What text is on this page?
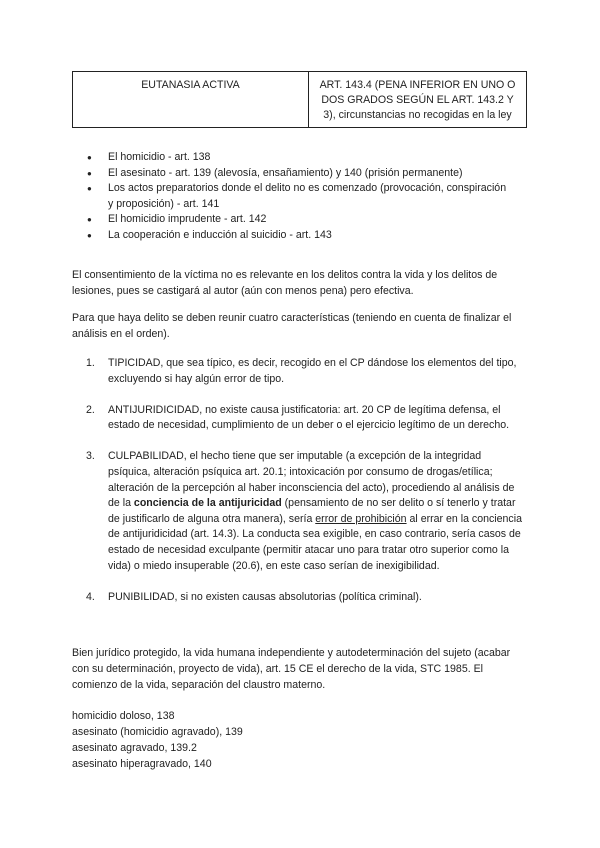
EUTANASIA ACTIVA	ART. 143.4 (PENA INFERIOR EN UNO O DOS GRADOS SEGÚN EL ART. 143.2 Y 3), circunstancias no recogidas en la ley
● El homicidio - art. 138
● El asesinato - art. 139 (alevosía, ensañamiento) y 140 (prisión permanente)
● Los actos preparatorios donde el delito no es comenzado (provocación, conspiración y proposición) - art. 141
● El homicidio imprudente - art. 142
● La cooperación e inducción al suicidio - art. 143

El consentimiento de la víctima no es relevante en los delitos contra la vida y los delitos de lesiones, pues se castigará al autor (aún con menos pena) pero efectiva.

Para que haya delito se deben reunir cuatro características (teniendo en cuenta de finalizar el análisis en el orden).

1. TIPICIDAD, que sea típico, es decir, recogido en el CP dándose los elementos del tipo, excluyendo si hay algún error de tipo.
2. ANTIJURIDICIDAD, no existe causa justificatoria: art. 20 CP de legítima defensa, el estado de necesidad, cumplimiento de un deber o el ejercicio legítimo de un derecho.
3. CULPABILIDAD, el hecho tiene que ser imputable (a excepción de la integridad psíquica, alteración psíquica art. 20.1; intoxicación por consumo de drogas/etílica; alteración de la percepción al haber inconsciencia del acto), procediendo al análisis de de la conciencia de la antijuricidad (pensamiento de no ser delito o sí tenerlo y tratar de justificarlo de alguna otra manera), sería error de prohibición al errar en la conciencia de antijuridicidad (art. 14.3). La conducta sea exigible, en caso contrario, sería casos de estado de necesidad exculpante (permitir atacar uno para tratar otro superior como la vida) o miedo insuperable (20.6), en este caso serían de inexigibilidad.
4. PUNIBILIDAD, si no existen causas absolutorias (política criminal).

Bien jurídico protegido, la vida humana independiente y autodeterminación del sujeto (acabar con su determinación, proyecto de vida), art. 15 CE el derecho de la vida, STC 1985. El comienzo de la vida, separación del claustro materno.

homicidio doloso, 138
asesinato (homicidio agravado), 139
asesinato agravado, 139.2
asesinato hiperagravado, 140
